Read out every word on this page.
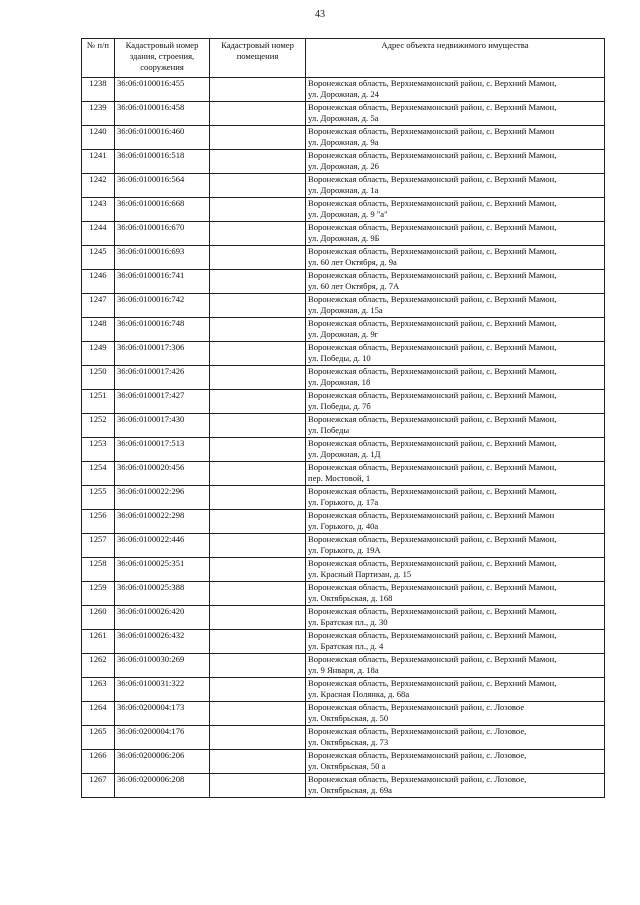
43
№ п/п	Кадастровый номер здания, строения, сооружения	Кадастровый номер помещения	Адрес объекта недвижимого имущества
1238	36:06:0100016:455		Воронежская область, Верхнемамонский район, с. Верхний Мамон,
ул. Дорожная, д. 24

1239	36:06:0100016:458		Воронежская область, Верхнемамонский район, с. Верхний Мамон,
ул. Дорожная, д. 5а

1240	36:06:0100016:460		Воронежская область, Верхнемамонский район, с. Верхний Мамон
ул. Дорожная, д. 9а

1241	36:06:0100016:518		Воронежская область, Верхнемамонский район, с. Верхний Мамон,
ул. Дорожная, д. 26

1242	36:06:0100016:564		Воронежская область, Верхнемамонский район, с. Верхний Мамон,
ул. Дорожная, д. 1а

1243	36:06:0100016:668		Воронежская область, Верхнемамонский район, с. Верхний Мамон,
ул. Дорожная, д. 9 "а"

1244	36:06:0100016:670		Воронежская область, Верхнемамонский район, с. Верхний Мамон,
ул. Дорожная, д. 9Б

1245	36:06:0100016:693		Воронежская область, Верхнемамонский район, с. Верхний Мамон,
ул. 60 лет Октября, д. 9а

1246	36:06:0100016:741		Воронежская область, Верхнемамонский район, с. Верхний Мамон,
ул. 60 лет Октября, д. 7А

1247	36:06:0100016:742		Воронежская область, Верхнемамонский район, с. Верхний Мамон,
ул. Дорожная, д. 15а

1248	36:06:0100016:748		Воронежская область, Верхнемамонский район, с. Верхний Мамон,
ул. Дорожная, д. 9г

1249	36:06:0100017:306		Воронежская область, Верхнемамонский район, с. Верхний Мамон,
ул. Победы, д. 10

1250	36:06:0100017:426		Воронежская область, Верхнемамонский район, с. Верхний Мамон,
ул. Дорожная, 18

1251	36:06:0100017:427		Воронежская область, Верхнемамонский район, с. Верхний Мамон,
ул. Победы, д. 7б

1252	36:06:0100017:430		Воронежская область, Верхнемамонский район, с. Верхний Мамон,
ул. Победы

1253	36:06:0100017:513		Воронежская область, Верхнемамонский район, с. Верхний Мамон,
ул. Дорожная, д. 1Д

1254	36:06:0100020:456		Воронежская область, Верхнемамонский район, с. Верхний Мамон,
пер. Мостовой, 1

1255	36:06:0100022:296		Воронежская область, Верхнемамонский район, с. Верхний Мамон,
ул. Горького, д. 17а

1256	36:06:0100022:298		Воронежская область, Верхнемамонский район, с. Верхний Мамон
ул. Горького, д. 40а

1257	36:06:0100022:446		Воронежская область, Верхнемамонский район, с. Верхний Мамон,
ул. Горького, д. 19А

1258	36:06:0100025:351		Воронежская область, Верхнемамонский район, с. Верхний Мамон,
ул. Красный Партизан, д. 15

1259	36:06:0100025:388		Воронежская область, Верхнемамонский район, с. Верхний Мамон,
ул. Октябрьская, д. 168

1260	36:06:0100026:420		Воронежская область, Верхнемамонский район, с. Верхний Мамон,
ул. Братская пл., д. 30

1261	36:06:0100026:432		Воронежская область, Верхнемамонский район, с. Верхний Мамон,
ул. Братская пл., д. 4

1262	36:06:0100030:269		Воронежская область, Верхнемамонский район, с. Верхний Мамон,
ул. 9 Января, д. 18а

1263	36:06:0100031:322		Воронежская область, Верхнемамонский район, с. Верхний Мамон,
ул. Красная Полянка, д. 68а

1264	36:06:0200004:173		Воронежская область, Верхнемамонский район, с. Лозовое
ул. Октябрьская, д. 50

1265	36:06:0200004:176		Воронежская область, Верхнемамонский район, с. Лозовое,
ул. Октябрьская, д. 73

1266	36:06:0200006:206		Воронежская область, Верхнемамонский район, с. Лозовое,
ул. Октябрьская, 50 а

1267	36:06:0200006:208		Воронежская область, Верхнемамонский район, с. Лозовое,
ул. Октябрьская, д. 69а
